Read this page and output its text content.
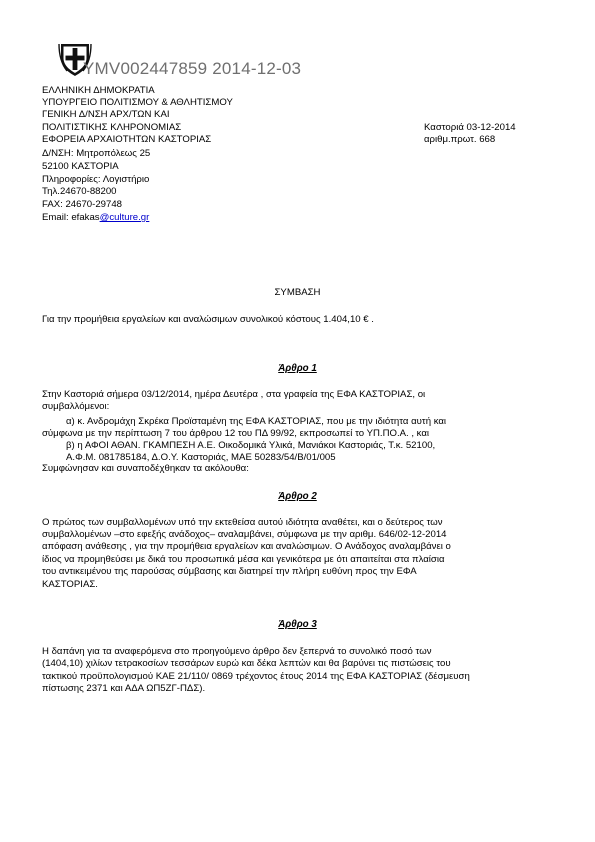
ΥΜV002447859 2014-12-03
ΕΛΛΗΝΙΚΗ ΔΗΜΟΚΡΑΤΙΑ
ΥΠΟΥΡΓΕΙΟ ΠΟΛΙΤΙΣΜΟΥ & ΑΘΛΗΤΙΣΜΟΥ
ΓΕΝΙΚΗ Δ/ΝΣΗ ΑΡΧ/ΤΩΝ ΚΑΙ
ΠΟΛΙΤΙΣΤΙΚΗΣ ΚΛΗΡΟΝΟΜΙΑΣ
ΕΦΟΡΕΙΑ ΑΡΧΑΙΟΤΗΤΩΝ ΚΑΣΤΟΡΙΑΣ
Δ/ΝΣΗ: Μητροπόλεως 25
52100 ΚΑΣΤΟΡΙΑ
Πληροφορίες: Λογιστήριο
Τηλ.24670-88200
FAX: 24670-29748
Email: efakas@culture.gr
Καστοριά 03-12-2014
αριθμ.πρωτ. 668
ΣΥΜΒΑΣΗ
Για την προμήθεια εργαλείων και αναλώσιμων συνολικού κόστους 1.404,10 € .
Άρθρο 1
Στην Καστοριά σήμερα 03/12/2014, ημέρα Δευτέρα , στα γραφεία της ΕΦΑ ΚΑΣΤΟΡΙΑΣ, οι
συμβαλλόμενοι:
α) κ. Ανδρομάχη Σκρέκα Προϊσταμένη της ΕΦΑ ΚΑΣΤΟΡΙΑΣ, που με την ιδιότητα αυτή και
σύμφωνα με την περίπτωση 7 του άρθρου 12 του ΠΔ 99/92, εκπροσωπεί το ΥΠ.ΠΟ.Α. , και
β) η ΑΦΟΙ ΑΘΑΝ. ΓΚΑΜΠΕΣΗ Α.Ε. Οικοδομικά Υλικά, Μανιάκοι Καστοριάς, Τ.κ. 52100,
Α.Φ.Μ. 081785184, Δ.Ο.Υ. Καστοριάς, ΜΑΕ 50283/54/Β/01/005
Συμφώνησαν και συναποδέχθηκαν τα ακόλουθα:
Άρθρο 2
Ο πρώτος των συμβαλλομένων υπό την εκτεθείσα αυτού ιδιότητα αναθέτει, και ο δεύτερος των
συμβαλλομένων –στο εφεξής ανάδοχος– αναλαμβάνει, σύμφωνα με την αριθμ. 646/02-12-2014
απόφαση ανάθεσης , για την προμήθεια εργαλείων και αναλώσιμων. Ο Ανάδοχος αναλαμβάνει ο
ίδιος να προμηθεύσει με δικά του προσωπικά μέσα και γενικότερα με ότι απαιτείται στα πλαίσια
του αντικειμένου της παρούσας σύμβασης και διατηρεί την πλήρη ευθύνη προς την ΕΦΑ
ΚΑΣΤΟΡΙΑΣ.
Άρθρο 3
Η δαπάνη για τα αναφερόμενα στο προηγούμενο άρθρο δεν ξεπερνά το συνολικό ποσό των
(1404,10) χιλίων τετρακοσίων τεσσάρων ευρώ και δέκα λεπτών και θα βαρύνει τις πιστώσεις του
τακτικού προϋπολογισμού ΚΑΕ 21/110/ 0869 τρέχοντος έτους 2014 της ΕΦΑ ΚΑΣΤΟΡΙΑΣ (δέσμευση
πίστωσης 2371 και ΑΔΑ ΩΠ5ΖΓ-ΠΔΣ).
